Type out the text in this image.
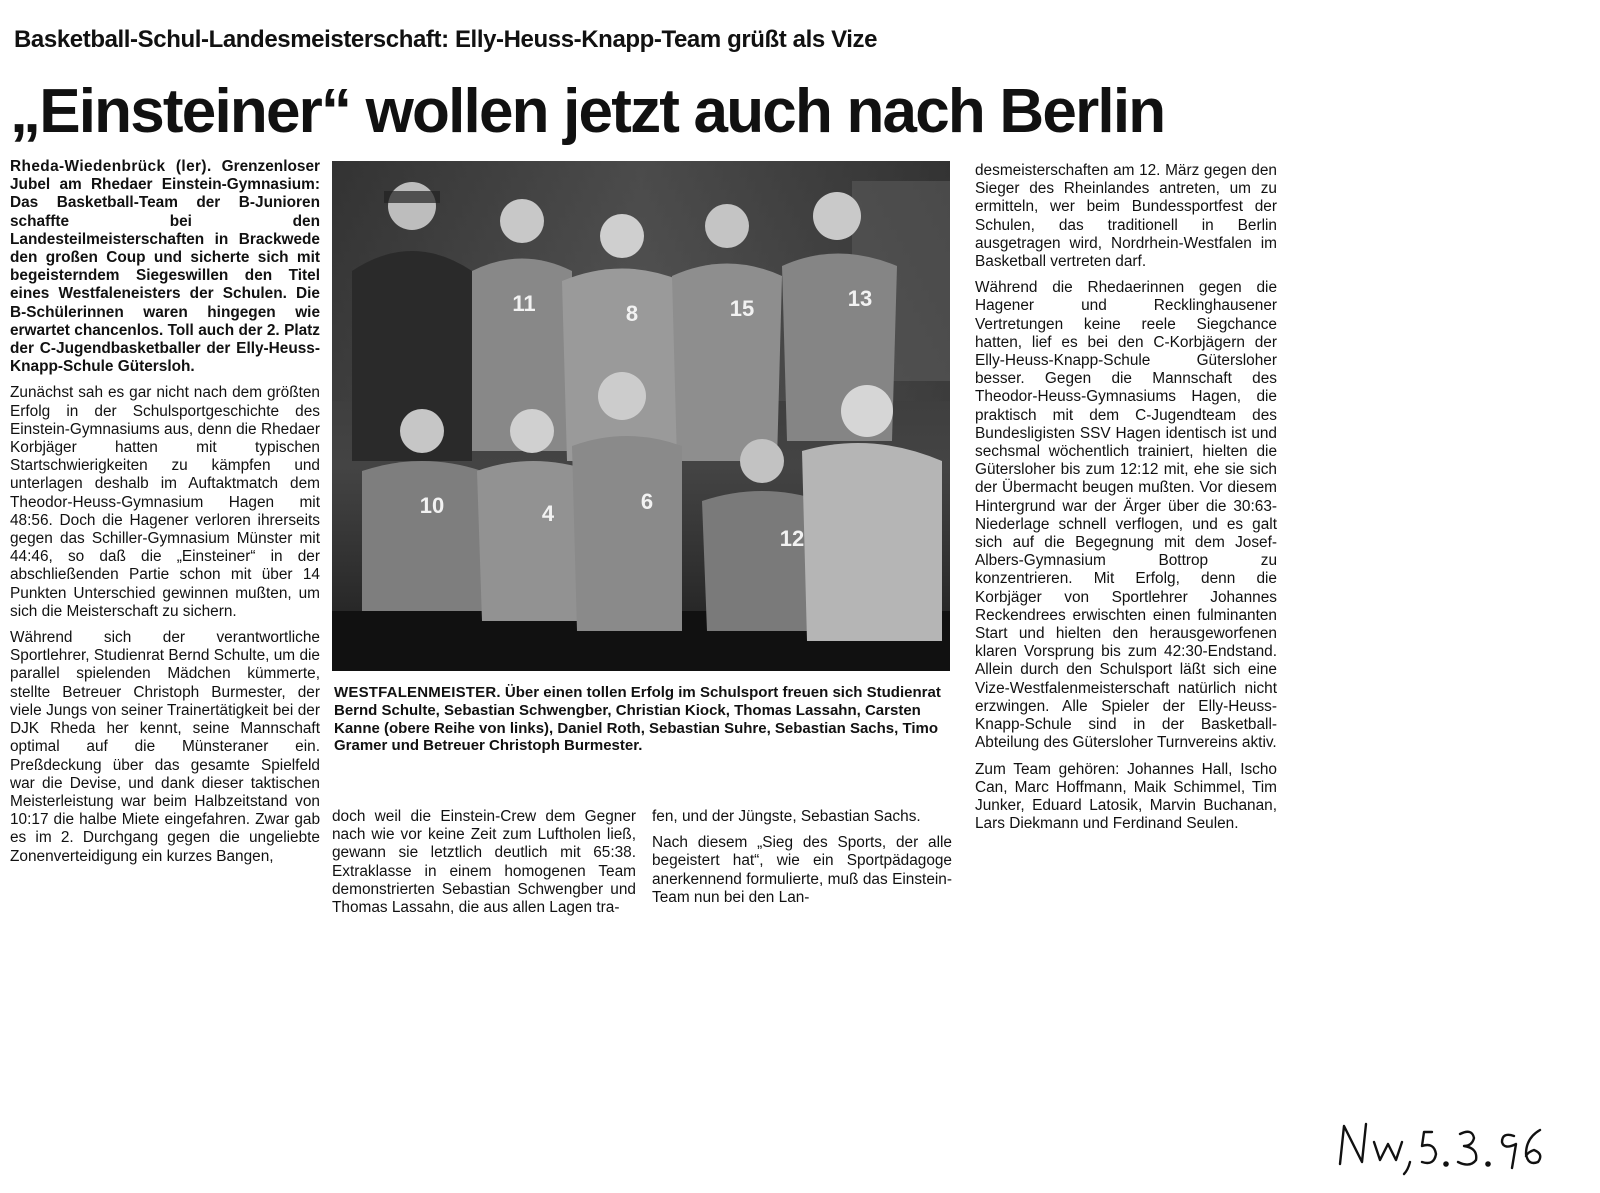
Basketball-Schul-Landesmeisterschaft: Elly-Heuss-Knapp-Team grüßt als Vize
„Einsteiner“ wollen jetzt auch nach Berlin

Rheda-Wiedenbrück (ler). Grenzenloser Jubel am Rhedaer Einstein-Gymnasium: Das Basketball-Team der B-Junioren schaffte bei den Landesteilmeisterschaften in Brackwede den großen Coup und sicherte sich mit begeisterndem Siegeswillen den Titel eines Westfaleneisters der Schulen. Die B-Schülerinnen waren hingegen wie erwartet chancenlos. Toll auch der 2. Platz der C-Jugendbasketballer der Elly-Heuss-Knapp-Schule Gütersloh.

Zunächst sah es gar nicht nach dem größten Erfolg in der Schulsportgeschichte des Einstein-Gymnasiums aus, denn die Rhedaer Korbjäger hatten mit typischen Startschwierigkeiten zu kämpfen und unterlagen deshalb im Auftaktmatch dem Theodor-Heuss-Gymnasium Hagen mit 48:56. Doch die Hagener verloren ihrerseits gegen das Schiller-Gymnasium Münster mit 44:46, so daß die „Einsteiner“ in der abschließenden Partie schon mit über 14 Punkten Unterschied gewinnen mußten, um sich die Meisterschaft zu sichern.

Während sich der verantwortliche Sportlehrer, Studienrat Bernd Schulte, um die parallel spielenden Mädchen kümmerte, stellte Betreuer Christoph Burmester, der viele Jungs von seiner Trainertätigkeit bei der DJK Rheda her kennt, seine Mannschaft optimal auf die Münsteraner ein. Preßdeckung über das gesamte Spielfeld war die Devise, und dank dieser taktischen Meisterleistung war beim Halbzeitstand von 10:17 die halbe Miete eingefahren. Zwar gab es im 2. Durchgang gegen die ungeliebte Zonenverteidigung ein kurzes Bangen,

11	8	15	13
10	4	6
12
WESTFALENMEISTER. Über einen tollen Erfolg im Schulsport freuen sich Studienrat Bernd Schulte, Sebastian Schwengber, Christian Kiock, Thomas Lassahn, Carsten Kanne (obere Reihe von links), Daniel Roth, Sebastian Suhre, Sebastian Sachs, Timo Gramer und Betreuer Christoph Burmester.

doch weil die Einstein-Crew dem Gegner nach wie vor keine Zeit zum Luftholen ließ, gewann sie letztlich deutlich mit 65:38. Extraklasse in einem homogenen Team demonstrierten Sebastian Schwengber und Thomas Lassahn, die aus allen Lagen tra-

fen, und der Jüngste, Sebastian Sachs.

Nach diesem „Sieg des Sports, der alle begeistert hat“, wie ein Sportpädagoge anerkennend formulierte, muß das Einstein-Team nun bei den Lan-

desmeisterschaften am 12. März gegen den Sieger des Rheinlandes antreten, um zu ermitteln, wer beim Bundessportfest der Schulen, das traditionell in Berlin ausgetragen wird, Nordrhein-Westfalen im Basketball vertreten darf.

Während die Rhedaerinnen gegen die Hagener und Recklinghausener Vertretungen keine reele Siegchance hatten, lief es bei den C-Korbjägern der Elly-Heuss-Knapp-Schule Gütersloher besser. Gegen die Mannschaft des Theodor-Heuss-Gymnasiums Hagen, die praktisch mit dem C-Jugendteam des Bundesligisten SSV Hagen identisch ist und sechsmal wöchentlich trainiert, hielten die Gütersloher bis zum 12:12 mit, ehe sie sich der Übermacht beugen mußten. Vor diesem Hintergrund war der Ärger über die 30:63-Niederlage schnell verflogen, und es galt sich auf die Begegnung mit dem Josef-Albers-Gymnasium Bottrop zu konzentrieren. Mit Erfolg, denn die Korbjäger von Sportlehrer Johannes Reckendrees erwischten einen fulminanten Start und hielten den herausgeworfenen klaren Vorsprung bis zum 42:30-Endstand. Allein durch den Schulsport läßt sich eine Vize-Westfalenmeisterschaft natürlich nicht erzwingen. Alle Spieler der Elly-Heuss-Knapp-Schule sind in der Basketball-Abteilung des Gütersloher Turnvereins aktiv.

Zum Team gehören: Johannes Hall, Ischo Can, Marc Hoffmann, Maik Schimmel, Tim Junker, Eduard Latosik, Marvin Buchanan, Lars Diekmann und Ferdinand Seulen.
